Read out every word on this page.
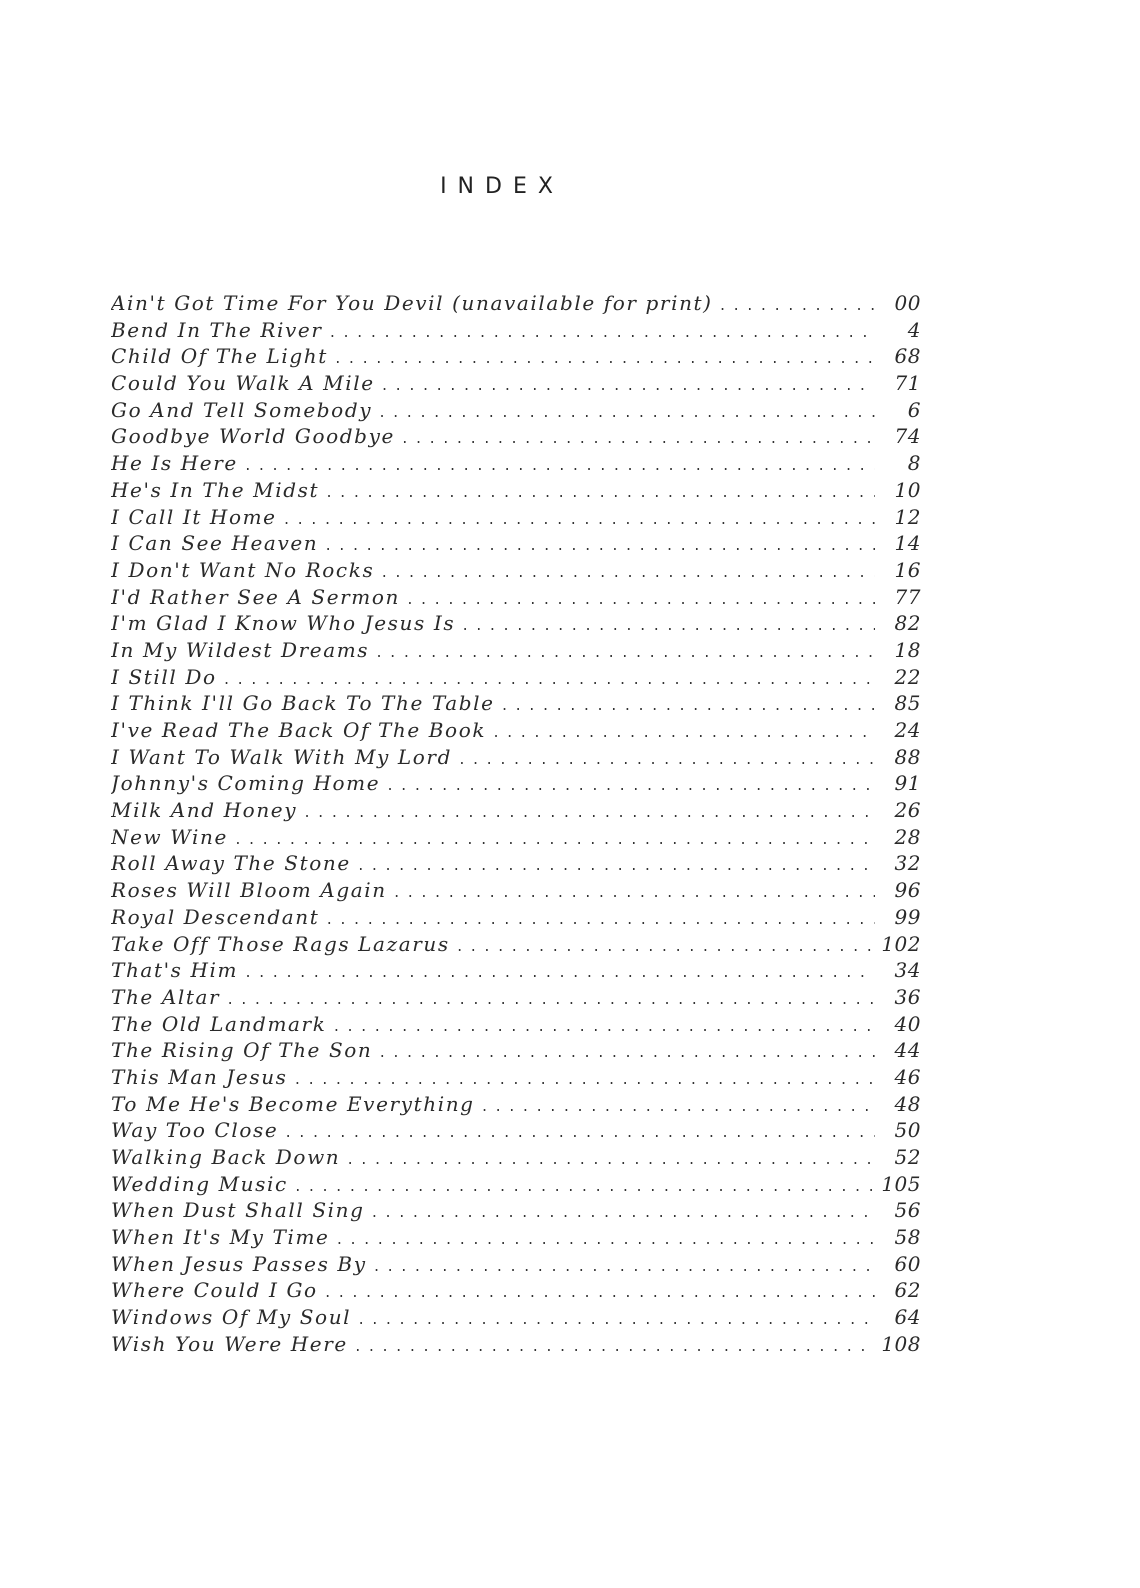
INDEX
Ain't Got Time For You Devil (unavailable for print) . . .	00
Bend In The River . . .	4
Child Of The Light . . .	68
Could You Walk A Mile . . .	71
Go And Tell Somebody . . .	6
Goodbye World Goodbye . . .	74
He Is Here . . .	8
He's In The Midst . . .	10
I Call It Home . . .	12
I Can See Heaven . . .	14
I Don't Want No Rocks . . .	16
I'd Rather See A Sermon . . .	77
I'm Glad I Know Who Jesus Is . . .	82
In My Wildest Dreams . . .	18
I Still Do . . .	22
I Think I'll Go Back To The Table . . .	85
I've Read The Back Of The Book . . .	24
I Want To Walk With My Lord . . .	88
Johnny's Coming Home . . .	91
Milk And Honey . . .	26
New Wine . . .	28
Roll Away The Stone . . .	32
Roses Will Bloom Again . . .	96
Royal Descendant . . .	99
Take Off Those Rags Lazarus . . .	102
That's Him . . .	34
The Altar . . .	36
The Old Landmark . . .	40
The Rising Of The Son . . .	44
This Man Jesus . . .	46
To Me He's Become Everything . . .	48
Way Too Close . . .	50
Walking Back Down . . .	52
Wedding Music . . .	105
When Dust Shall Sing . . .	56
When It's My Time . . .	58
When Jesus Passes By . . .	60
Where Could I Go . . .	62
Windows Of My Soul . . .	64
Wish You Were Here . . .	108
